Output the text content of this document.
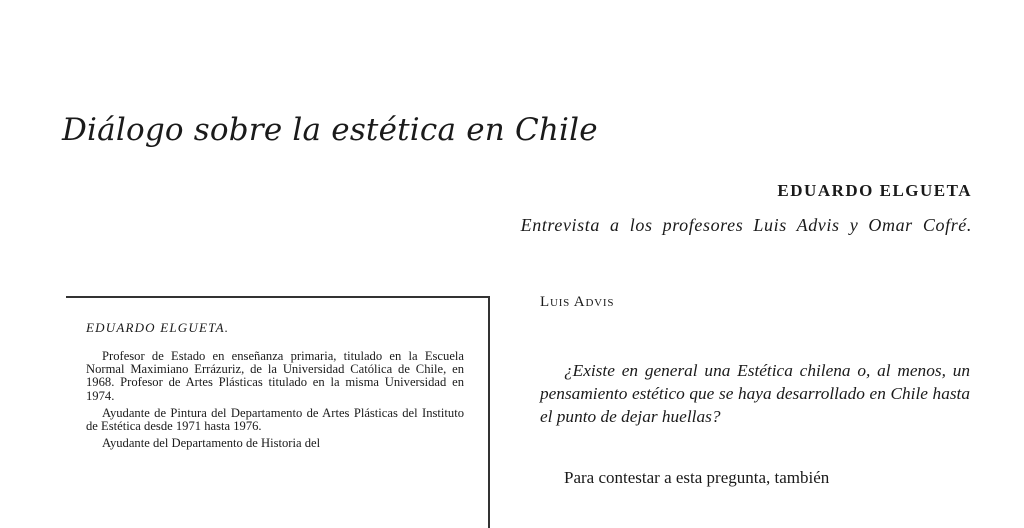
Diálogo sobre la estética en Chile
EDUARDO ELGUETA
Entrevista a los profesores Luis Advis y Omar Cofré.
EDUARDO ELGUETA.

Profesor de Estado en enseñanza primaria, titulado en la Escuela Normal Maximiano Errázuriz, de la Universidad Católica de Chile, en 1968. Profesor de Artes Plásticas titulado en la misma Universidad en 1974.

Ayudante de Pintura del Departamento de Artes Plásticas del Instituto de Estética desde 1971 hasta 1976.

Ayudante del Departamento de Historia del

Luis Advis
¿Existe en general una Estética chilena o, al menos, un pensamiento estético que se haya desarrollado en Chile hasta el punto de dejar huellas?
Para contestar a esta pregunta, también
